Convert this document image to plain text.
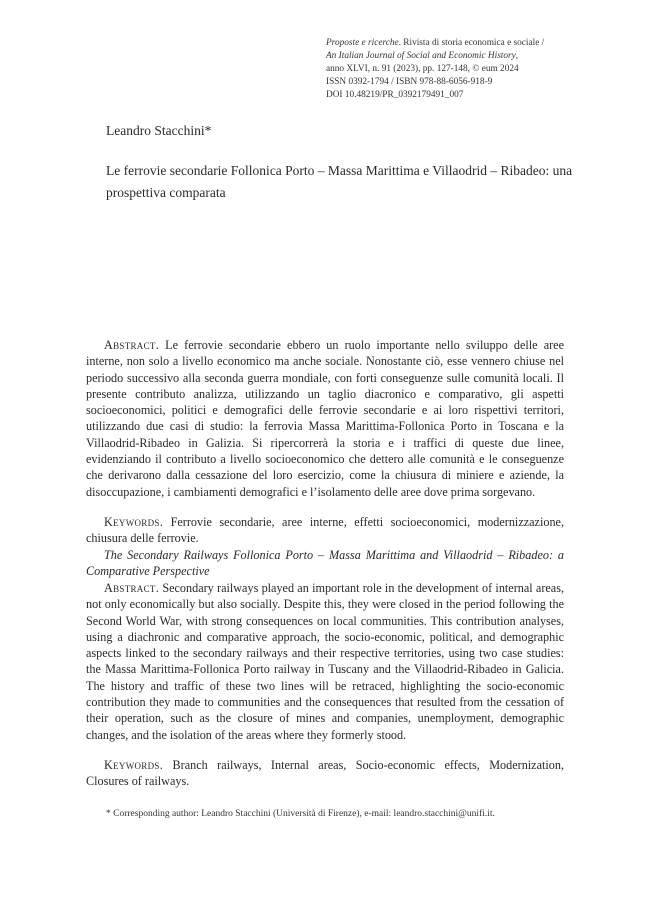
Proposte e ricerche. Rivista di storia economica e sociale /
An Italian Journal of Social and Economic History,
anno XLVI, n. 91 (2023), pp. 127-148, © eum 2024
ISSN 0392-1794 / ISBN 978-88-6056-918-9
DOI 10.48219/PR_0392179491_007
Leandro Stacchini*
Le ferrovie secondarie Follonica Porto – Massa Marittima e Villaodrid – Ribadeo: una prospettiva comparata

Abstract. Le ferrovie secondarie ebbero un ruolo importante nello sviluppo delle aree interne, non solo a livello economico ma anche sociale. Nonostante ciò, esse vennero chiuse nel periodo successivo alla seconda guerra mondiale, con forti conseguenze sulle comunità locali. Il presente contributo analizza, utilizzando un taglio diacronico e comparativo, gli aspetti socioeconomici, politici e demografici delle ferrovie secondarie e ai loro rispettivi territori, utilizzando due casi di studio: la ferrovia Massa Marittima-Follonica Porto in Toscana e la Villaodrid-Ribadeo in Galizia. Si ripercorrerà la storia e i traffici di queste due linee, evidenziando il contributo a livello socioeconomico che dettero alle comunità e le conseguenze che derivarono dalla cessazione del loro esercizio, come la chiusura di miniere e aziende, la disoccupazione, i cambiamenti demografici e l’isolamento delle aree dove prima sorgevano.

Keywords. Ferrovie secondarie, aree interne, effetti socioeconomici, modernizzazione, chiusura delle ferrovie.

The Secondary Railways Follonica Porto – Massa Marittima and Villaodrid – Ribadeo: a Comparative Perspective

Abstract. Secondary railways played an important role in the development of internal areas, not only economically but also socially. Despite this, they were closed in the period following the Second World War, with strong consequences on local communities. This contribution analyses, using a diachronic and comparative approach, the socio-economic, political, and demographic aspects linked to the secondary railways and their respective territories, using two case studies: the Massa Marittima-Follonica Porto railway in Tuscany and the Villaodrid-Ribadeo in Galicia. The history and traffic of these two lines will be retraced, highlighting the socio-economic contribution they made to communities and the consequences that resulted from the cessation of their operation, such as the closure of mines and companies, unemployment, demographic changes, and the isolation of the areas where they formerly stood.

Keywords. Branch railways, Internal areas, Socio-economic effects, Modernization, Closures of railways.

* Corresponding author: Leandro Stacchini (Università di Firenze), e-mail: leandro.stacchini@unifi.it.
